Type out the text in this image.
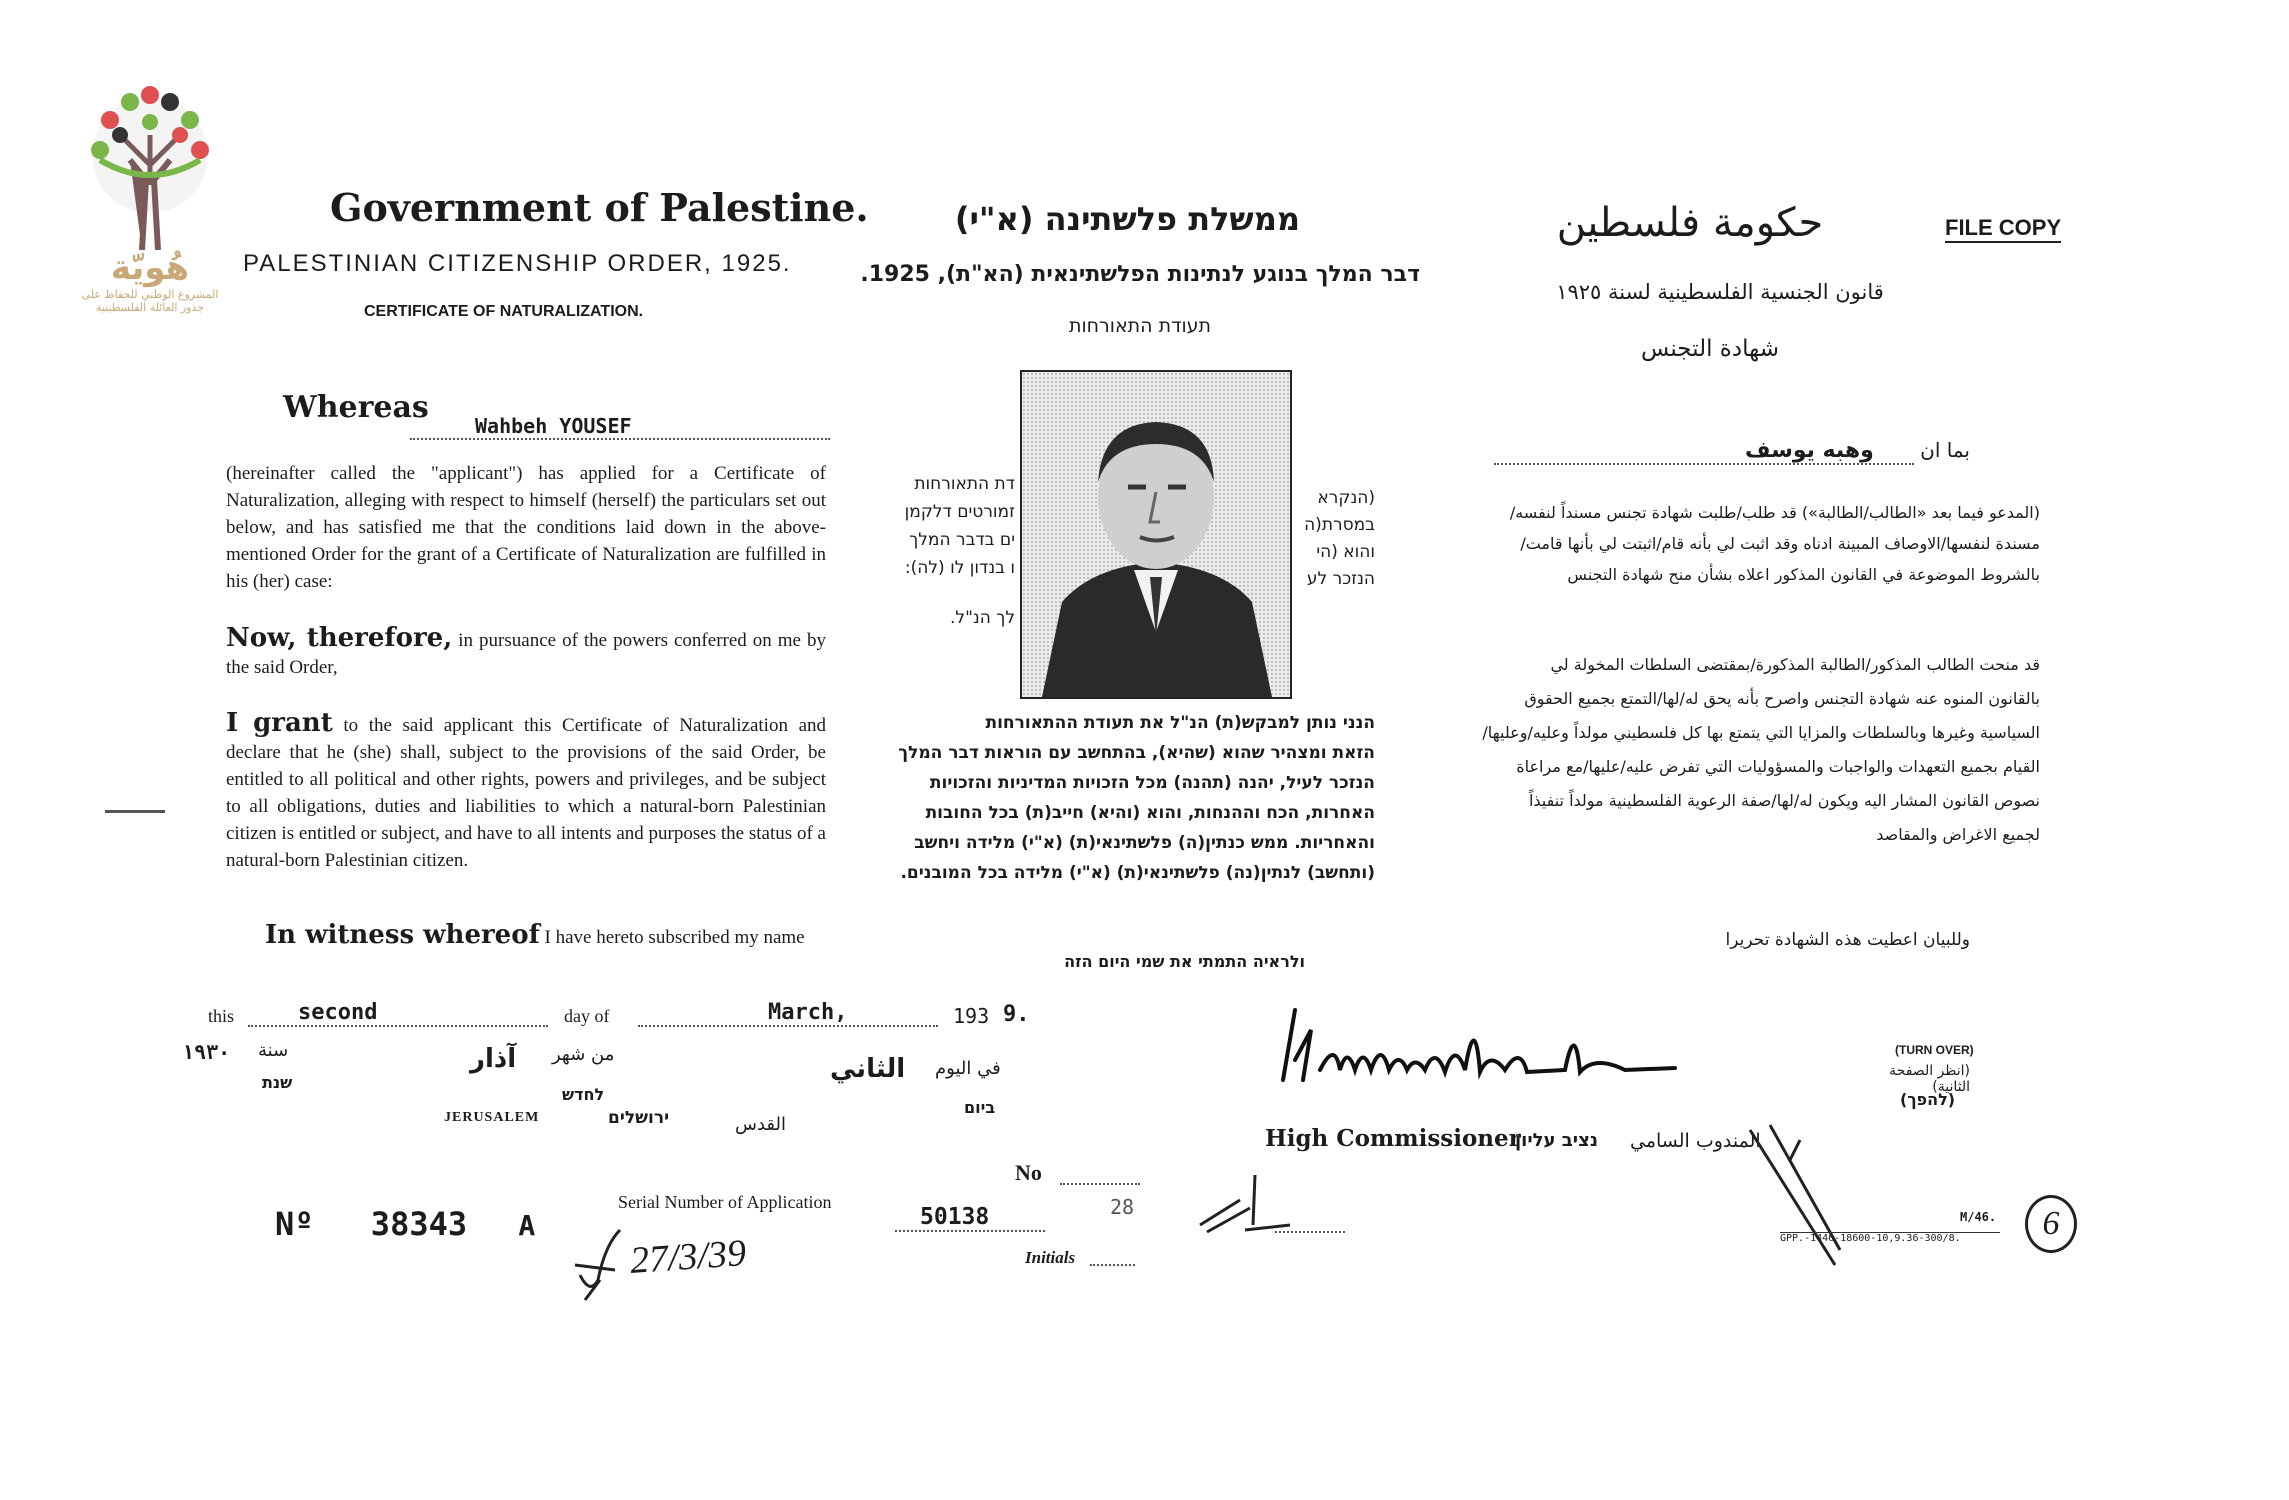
هُويّة
المشروع الوطني للحفاظ على
جذور العائلة الفلسطينية
FILE COPY
Government of Palestine.
PALESTINIAN CITIZENSHIP ORDER, 1925.
CERTIFICATE OF NATURALIZATION.
Whereas
Wahbeh YOUSEF
(hereinafter called the "applicant") has applied for a Certificate of Naturalization, alleging with respect to himself (herself) the particulars set out below, and has satisfied me that the conditions laid down in the above-mentioned Order for the grant of a Certificate of Naturalization are fulfilled in his (her) case:
Now, therefore, in pursuance of the powers conferred on me by the said Order,
I grant to the said applicant this Certificate of Naturalization and declare that he (she) shall, subject to the provisions of the said Order, be entitled to all political and other rights, powers and privileges, and be subject to all obligations, duties and liabilities to which a natural-born Palestinian citizen is entitled or subject, and have to all intents and purposes the status of a natural-born Palestinian citizen.
In witness whereof I have hereto subscribed my name
ממשלת פלשתינה (א"י)
דבר המלך בנוגע לנתינות הפלשתינאית (הא"ת), 1925.
תעודת התאורחות
(הנקרא
במסרת(ה
והוא (הי
הנזכר לע
דת התאורחות
זמורטים דלקמן
ים בדבר המלך
ו בנדון לו (לה):
לך הנ"ל.
הנני נותן למבקש(ת) הנ"ל את תעודת ההתאורחות
הזאת ומצהיר שהוא (שהיא), בהתחשב עם הוראות דבר המלך
הנזכר לעיל, יהנה (תהנה) מכל הזכויות המדיניות והזכויות
האחרות, הכח וההנחות, והוא (והיא) חייב(ת) בכל החובות
והאחריות. ממש כנתין(ה) פלשתינאי(ת) (א"י) מלידה ויחשב
(ותחשב) לנתין(נה) פלשתינאי(ת) (א"י) מלידה בכל המובנים.
ולראיה התמתי את שמי היום הזה
حكومة فلسطين
قانون الجنسية الفلسطينية لسنة ١٩٢٥
شهادة التجنس
بما ان وهبه يوسف
(المدعو فيما بعد «الطالب/الطالبة») قد طلب/طلبت شهادة تجنس مسنداً لنفسه/
مسندة لنفسها/الاوصاف المبينة ادناه وقد اثبت لي بأنه قام/اثبتت لي بأنها قامت/
بالشروط الموضوعة في القانون المذكور اعلاه بشأن منح شهادة التجنس
قد منحت الطالب المذكور/الطالبة المذكورة/بمقتضى السلطات المخولة لي
بالقانون المنوه عنه شهادة التجنس واصرح بأنه يحق له/لها/التمتع بجميع الحقوق
السياسية وغيرها وبالسلطات والمزايا التي يتمتع بها كل فلسطيني مولداً وعليه/وعليها/
القيام بجميع التعهدات والواجبات والمسؤوليات التي تفرض عليه/عليها/مع مراعاة
نصوص القانون المشار اليه ويكون له/لها/صفة الرعوية الفلسطينية مولداً تنفيذاً
لجميع الاغراض والمقاصد
وللبيان اعطيت هذه الشهادة تحريرا
this	second	day of	March,	193 9.
١٩٣٠ سنة	آذار من شهر	الثاني في اليوم
שנת
לחדש
ביום
JERUSALEM	ירושלים	القدس
High Commissioner
נציב עליון المندوب السامي
(TURN OVER)
(انظر الصفحة الثانية)
(להפך)
Nº 38343 A
Serial Number of Application
50138
No
28
Initials
27/3/39
M/46.
GPP.-1446-18600-10,9.36-300/8.	6
